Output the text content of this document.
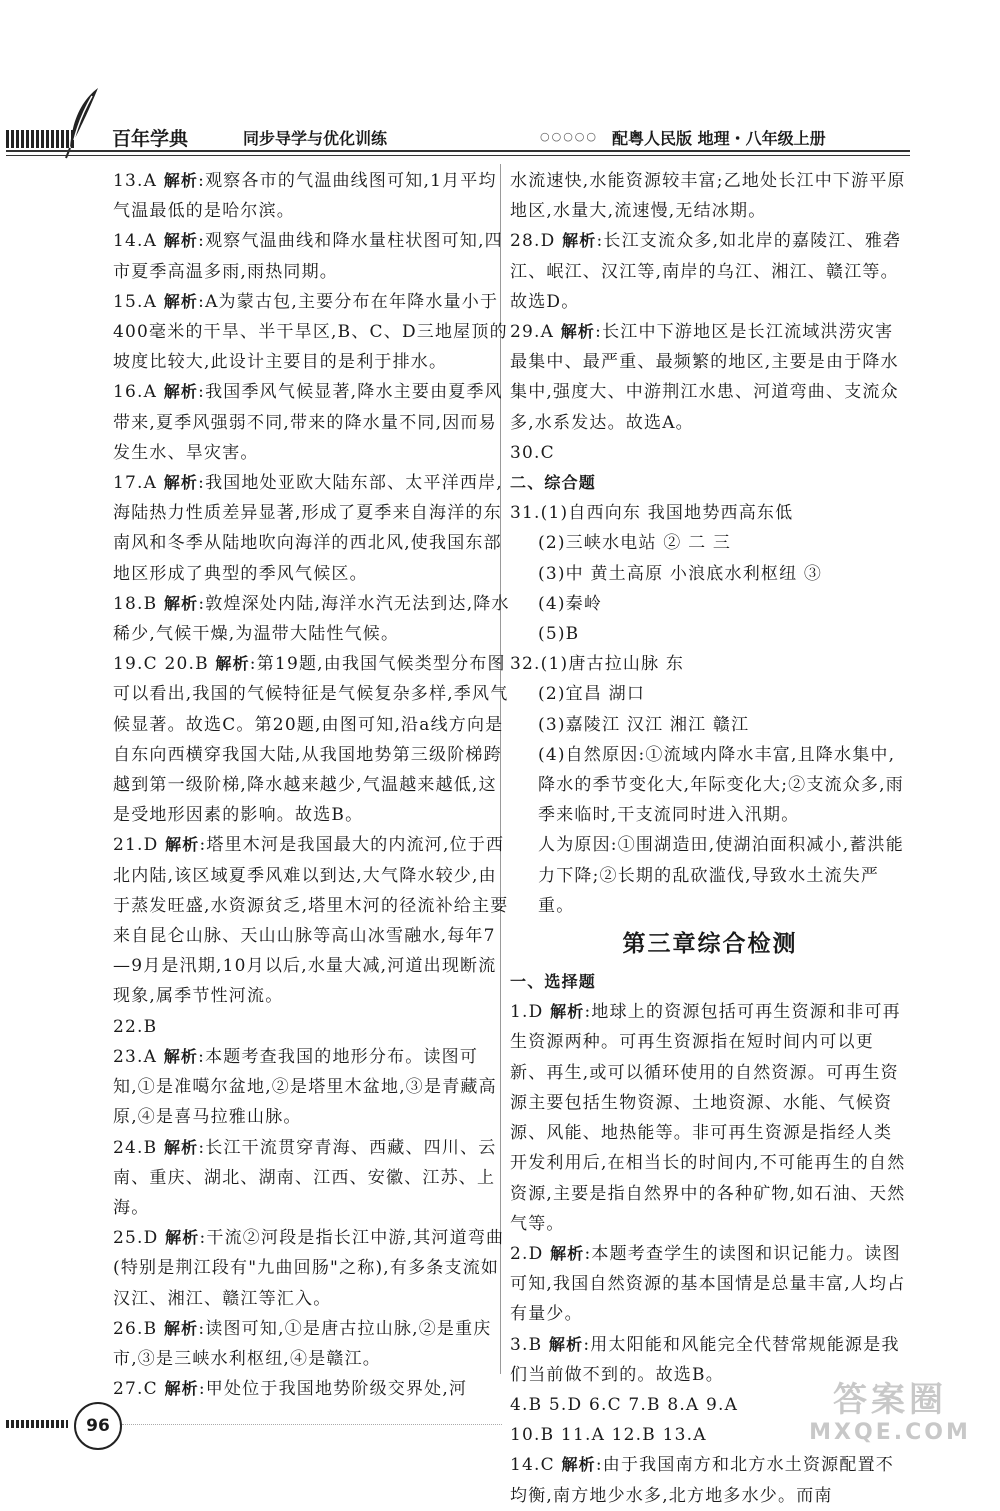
百年学典	同步导学与优化训练	○○○○○ 配粤人民版 地理・八年级上册

13.A 解析:观察各市的气温曲线图可知,1月平均气温最低的是哈尔滨。

14.A 解析:观察气温曲线和降水量柱状图可知,四市夏季高温多雨,雨热同期。

15.A 解析:A为蒙古包,主要分布在年降水量小于400毫米的干旱、半干旱区,B、C、D三地屋顶的坡度比较大,此设计主要目的是利于排水。

16.A 解析:我国季风气候显著,降水主要由夏季风带来,夏季风强弱不同,带来的降水量不同,因而易发生水、旱灾害。

17.A 解析:我国地处亚欧大陆东部、太平洋西岸,海陆热力性质差异显著,形成了夏季来自海洋的东南风和冬季从陆地吹向海洋的西北风,使我国东部地区形成了典型的季风气候区。

18.B 解析:敦煌深处内陆,海洋水汽无法到达,降水稀少,气候干燥,为温带大陆性气候。

19.C 20.B 解析:第19题,由我国气候类型分布图可以看出,我国的气候特征是气候复杂多样,季风气候显著。故选C。第20题,由图可知,沿a线方向是自东向西横穿我国大陆,从我国地势第三级阶梯跨越到第一级阶梯,降水越来越少,气温越来越低,这是受地形因素的影响。故选B。

21.D 解析:塔里木河是我国最大的内流河,位于西北内陆,该区域夏季风难以到达,大气降水较少,由于蒸发旺盛,水资源贫乏,塔里木河的径流补给主要来自昆仑山脉、天山山脉等高山冰雪融水,每年7—9月是汛期,10月以后,水量大减,河道出现断流现象,属季节性河流。

22.B

23.A 解析:本题考查我国的地形分布。读图可知,①是准噶尔盆地,②是塔里木盆地,③是青藏高原,④是喜马拉雅山脉。

24.B 解析:长江干流贯穿青海、西藏、四川、云南、重庆、湖北、湖南、江西、安徽、江苏、上海。

25.D 解析:干流②河段是指长江中游,其河道弯曲(特别是荆江段有"九曲回肠"之称),有多条支流如汉江、湘江、赣江等汇入。

26.B 解析:读图可知,①是唐古拉山脉,②是重庆市,③是三峡水利枢纽,④是赣江。

27.C 解析:甲处位于我国地势阶级交界处,河

水流速快,水能资源较丰富;乙地处长江中下游平原地区,水量大,流速慢,无结冰期。

28.D 解析:长江支流众多,如北岸的嘉陵江、雅砻江、岷江、汉江等,南岸的乌江、湘江、赣江等。故选D。

29.A 解析:长江中下游地区是长江流域洪涝灾害最集中、最严重、最频繁的地区,主要是由于降水集中,强度大、中游荆江水患、河道弯曲、支流众多,水系发达。故选A。

30.C

二、综合题

31.(1)自西向东 我国地势西高东低

(2)三峡水电站 ② 二 三

(3)中 黄土高原 小浪底水利枢纽 ③

(4)秦岭

(5)B

32.(1)唐古拉山脉 东

(2)宜昌 湖口

(3)嘉陵江 汉江 湘江 赣江

(4)自然原因:①流域内降水丰富,且降水集中,降水的季节变化大,年际变化大;②支流众多,雨季来临时,干支流同时进入汛期。

人为原因:①围湖造田,使湖泊面积减小,蓄洪能力下降;②长期的乱砍滥伐,导致水土流失严重。

第三章综合检测

一、选择题

1.D 解析:地球上的资源包括可再生资源和非可再生资源两种。可再生资源指在短时间内可以更新、再生,或可以循环使用的自然资源。可再生资源主要包括生物资源、土地资源、水能、气候资源、风能、地热能等。非可再生资源是指经人类开发利用后,在相当长的时间内,不可能再生的自然资源,主要是指自然界中的各种矿物,如石油、天然气等。

2.D 解析:本题考查学生的读图和识记能力。读图可知,我国自然资源的基本国情是总量丰富,人均占有量少。

3.B 解析:用太阳能和风能完全代替常规能源是我们当前做不到的。故选B。

4.B 5.D 6.C 7.B 8.A 9.A

10.B 11.A 12.B 13.A

14.C 解析:由于我国南方和北方水土资源配置不均衡,南方地少水多,北方地多水少。而南

96
答案圈
MXQE.COM
